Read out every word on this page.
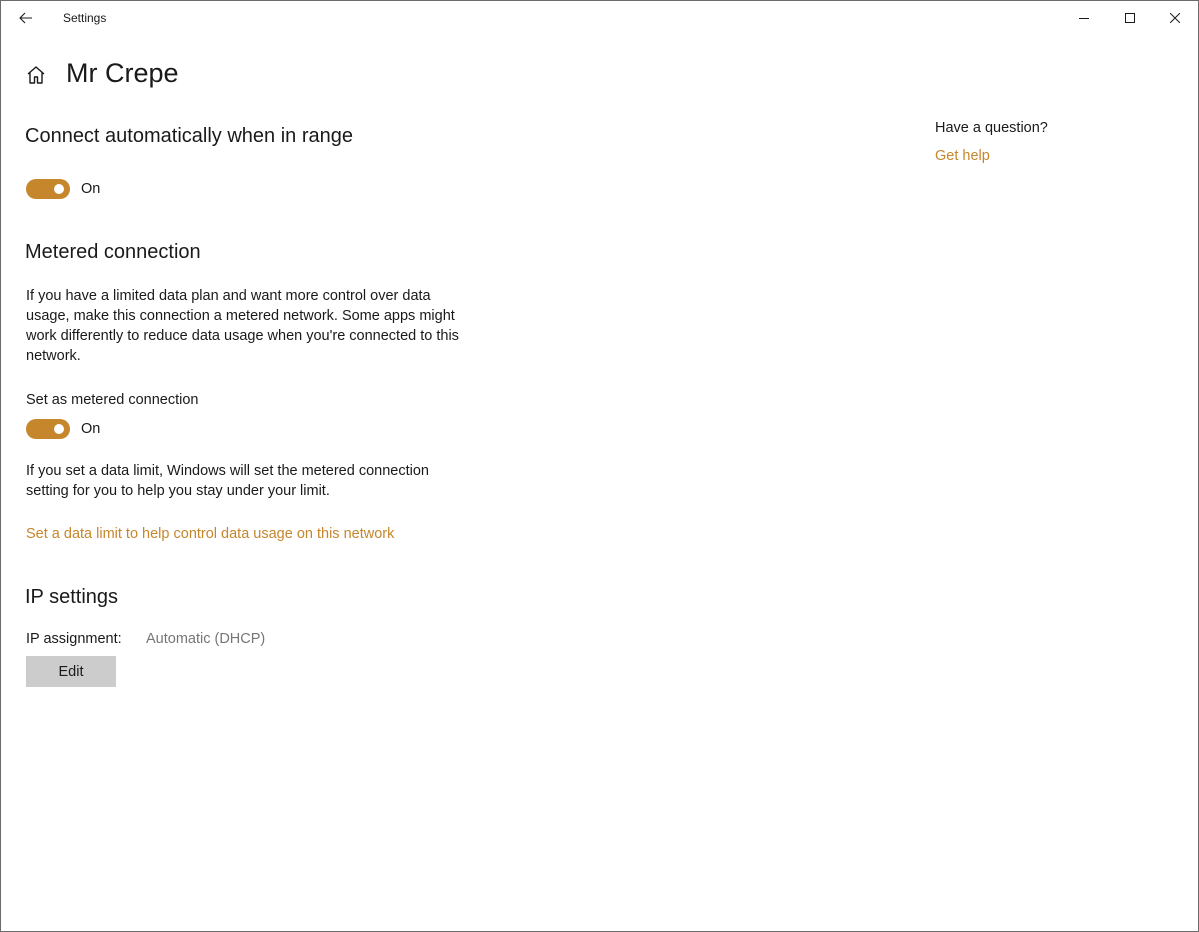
Settings
Mr Crepe
Connect automatically when in range
On
Metered connection
If you have a limited data plan and want more control over data usage, make this connection a metered network. Some apps might work differently to reduce data usage when you're connected to this network.
Set as metered connection
On
If you set a data limit, Windows will set the metered connection setting for you to help you stay under your limit.
Set a data limit to help control data usage on this network
IP settings
IP assignment: Automatic (DHCP)
Edit
Have a question?
Get help
